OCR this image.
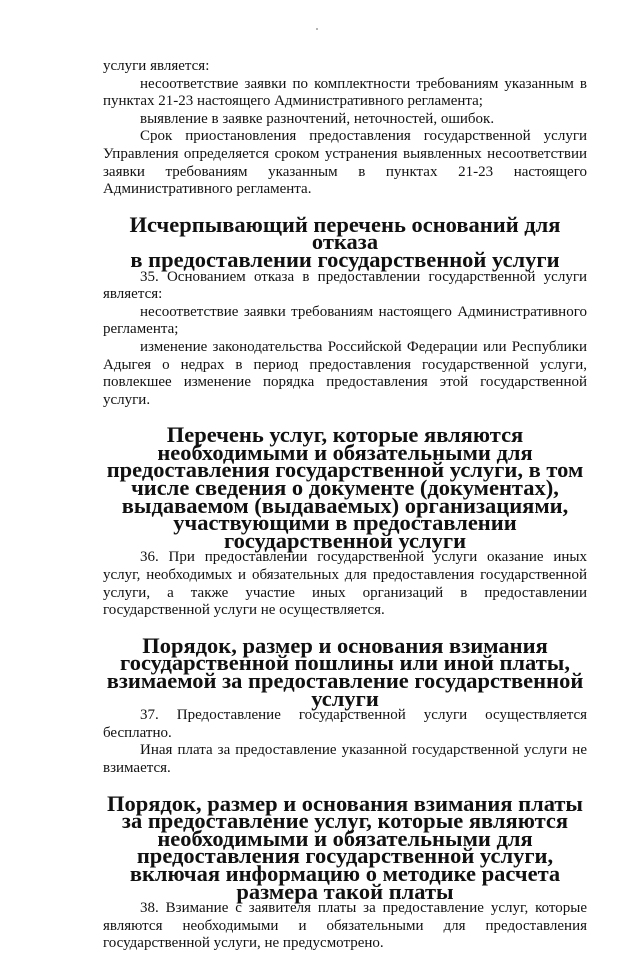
услуги является:

несоответствие заявки по комплектности требованиям указанным в пунктах 21-23 настоящего Административного регламента;

выявление в заявке разночтений, неточностей, ошибок.

Срок приостановления предоставления государственной услуги Управления определяется сроком устранения выявленных несоответствии заявки требованиям указанным в пунктах 21-23 настоящего Административного регламента.

Исчерпывающий перечень оснований для отказа
в предоставлении государственной услуги

35. Основанием отказа в предоставлении государственной услуги является:

несоответствие заявки требованиям настоящего Административного регламента;

изменение законодательства Российской Федерации или Республики Адыгея о недрах в период предоставления государственной услуги, повлекшее изменение порядка предоставления этой государственной услуги.

Перечень услуг, которые являются необходимыми и обязательными для предоставления государственной услуги, в том числе сведения о документе (документах), выдаваемом (выдаваемых) организациями, участвующими в предоставлении государственной услуги

36. При предоставлении государственной услуги оказание иных услуг, необходимых и обязательных для предоставления государственной услуги, а также участие иных организаций в предоставлении государственной услуги не осуществляется.

Порядок, размер и основания взимания государственной пошлины или иной платы, взимаемой за предоставление государственной услуги

37. Предоставление государственной услуги осуществляется бесплатно.

Иная плата за предоставление указанной государственной услуги не взимается.

Порядок, размер и основания взимания платы за предоставление услуг, которые являются необходимыми и обязательными для предоставления государственной услуги, включая информацию о методике расчета размера такой платы

38. Взимание с заявителя платы за предоставление услуг, которые являются необходимыми и обязательными для предоставления государственной услуги, не предусмотрено.
